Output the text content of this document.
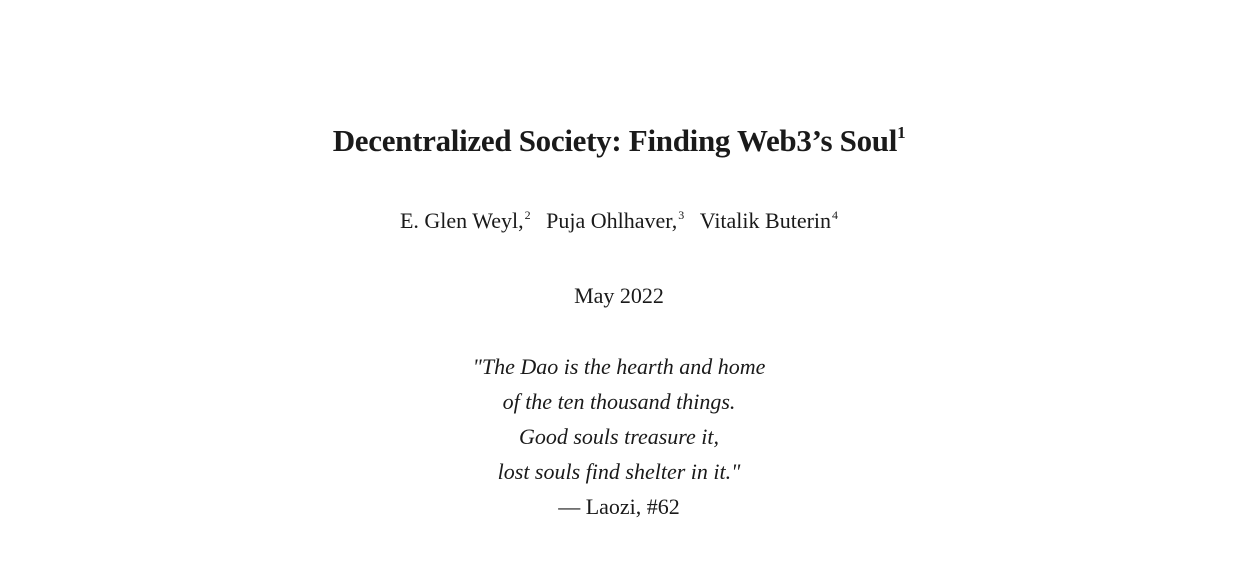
Decentralized Society: Finding Web3’s Soul$^1$
E. Glen Weyl,$^2$ Puja Ohlhaver,$^3$ Vitalik Buterin$^4$
May 2022
"The Dao is the hearth and home
of the ten thousand things.
Good souls treasure it,
lost souls find shelter in it."
— Laozi, #62
